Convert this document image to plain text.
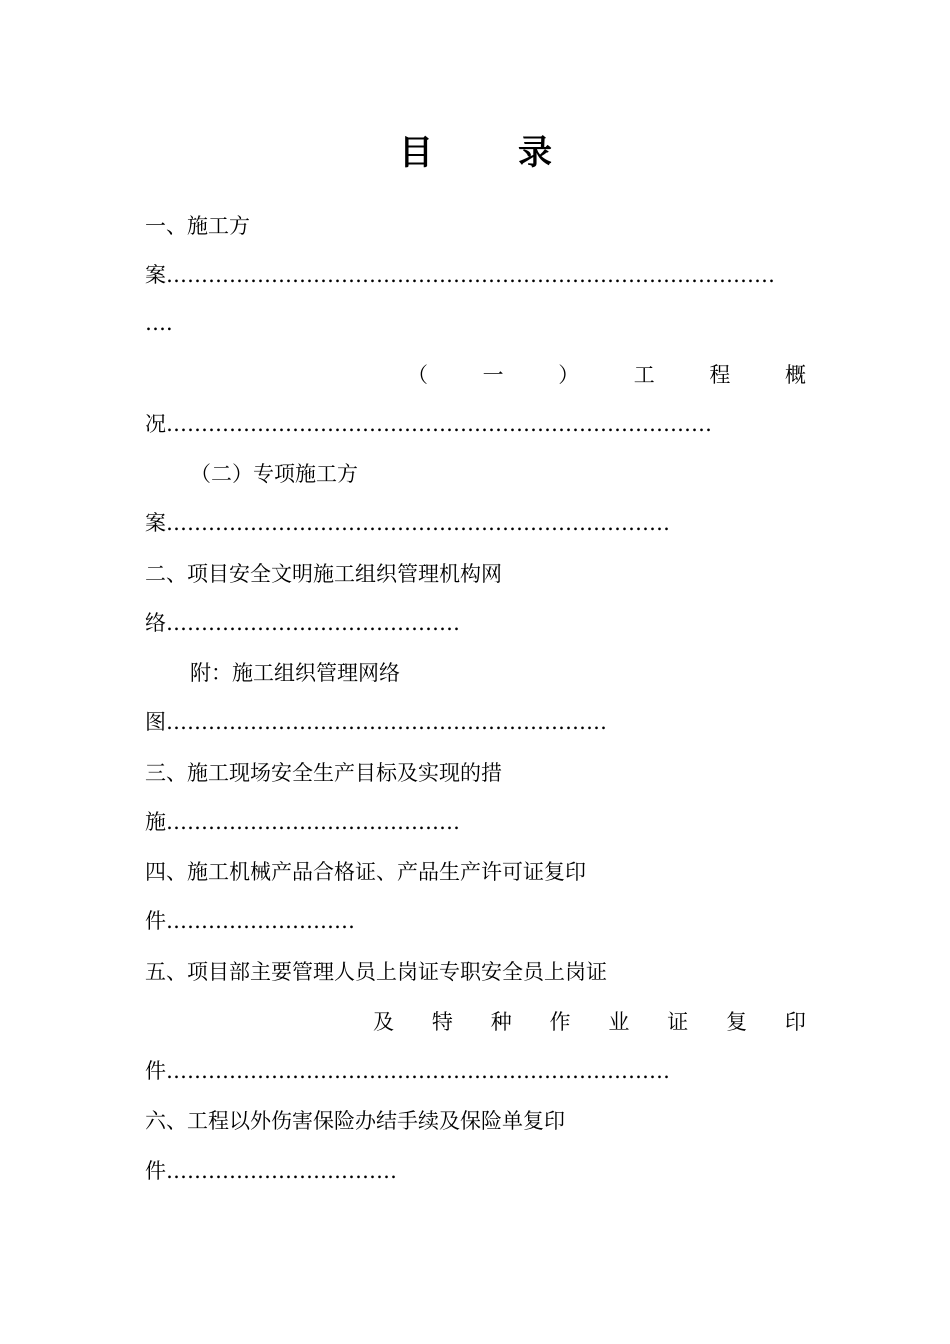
目	录
一、施工方
案……………………………………………………………………………
….
（	一	）	工	程	概
况……………………………………………………………………
（二）专项施工方
案………………………………………………………………
二、项目安全文明施工组织管理机构网
络……………………………………
附：施工组织管理网络
图………………………………………………………
三、施工现场安全生产目标及实现的措
施……………………………………
四、施工机械产品合格证、产品生产许可证复印
件………………………
五、项目部主要管理人员上岗证专职安全员上岗证
及 特 种 作 业 证 复 印
件………………………………………………………………
六、工程以外伤害保险办结手续及保险单复印
件……………………………
